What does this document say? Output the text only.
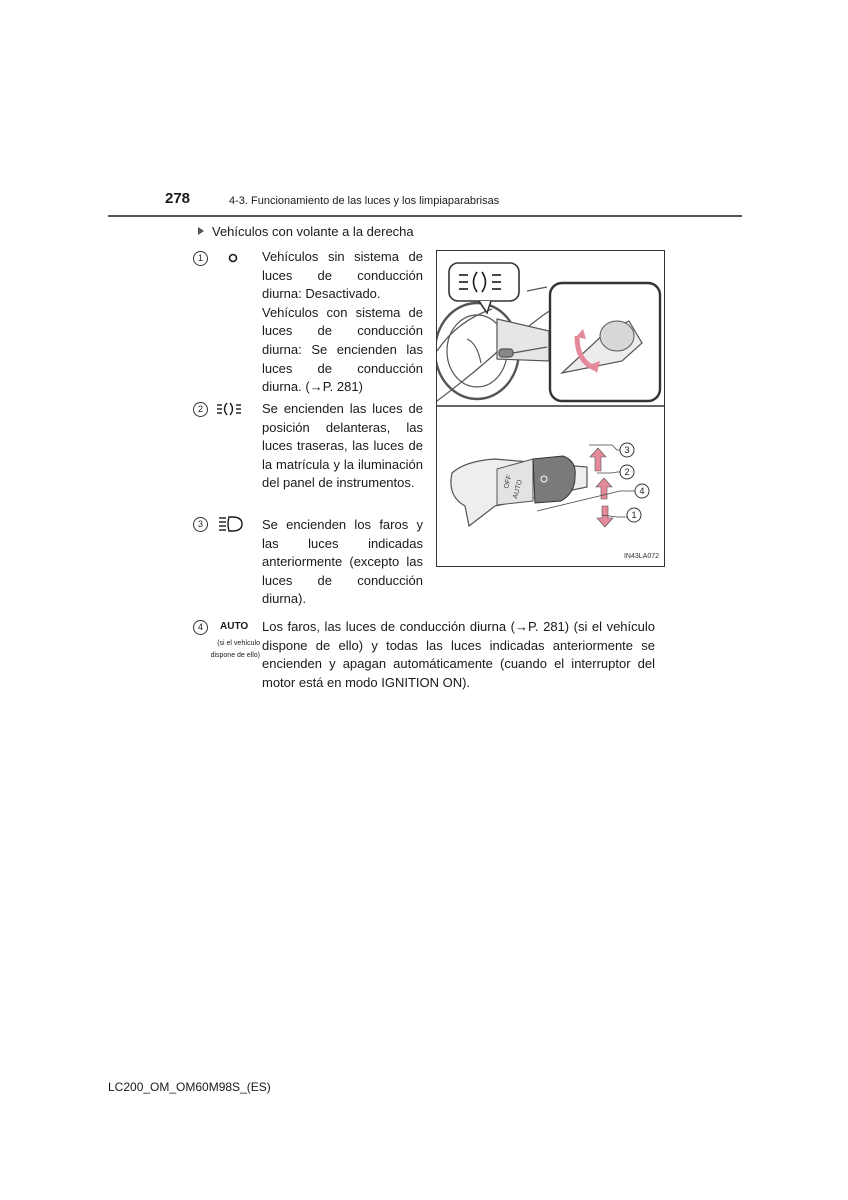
278	4-3. Funcionamiento de las luces y los limpiaparabrisas
Vehículos con volante a la derecha
1	Vehículos sin sistema de luces de conducción diurna: Desactivado.

Vehículos con sistema de luces de conducción diurna: Se encienden las luces de conducción diurna. (→P. 281)

2	Se encienden las luces de posición delanteras, las luces traseras, las luces de la matrícula y la iluminación del panel de instrumentos.
3	Se encienden los faros y las luces indicadas anteriormente (excepto las luces de conducción diurna).
4	AUTO
(si el vehículo dispone de ello)
Los faros, las luces de conducción diurna (→P. 281) (si el vehículo dispone de ello) y todas las luces indicadas anteriormente se encienden y apagan automáticamente (cuando el interruptor del motor está en modo IGNITION ON).
OFF
AUTO
3
2
4
1
IN43LA072
LC200_OM_OM60M98S_(ES)
